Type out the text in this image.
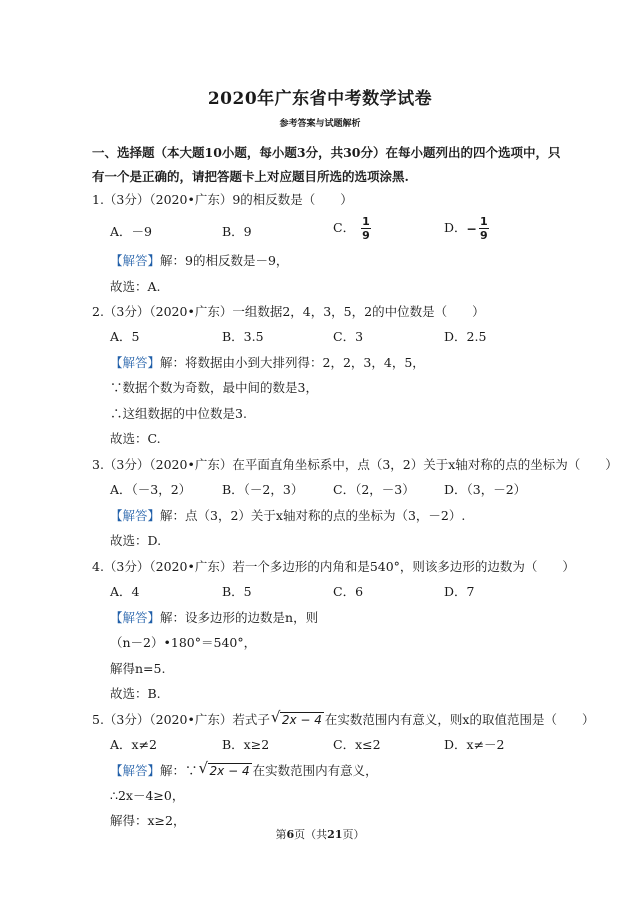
2020年广东省中考数学试卷
参考答案与试题解析
一、选择题（本大题10小题，每小题3分，共30分）在每小题列出的四个选项中，只有一个是正确的，请把答题卡上对应题目所选的选项涂黑.
1.（3分）（2020•广东）9的相反数是（　　）
A．－9	B．9	C． $\frac{1}{9}$	D．− $\frac{1}{9}$
【解答】解：9的相反数是－9，
故选：A.
2.（3分）（2020•广东）一组数据2，4，3，5，2的中位数是（　　）
A．5	B．3.5	C．3	D．2.5
【解答】解：将数据由小到大排列得：2，2，3，4，5，
∵数据个数为奇数，最中间的数是3，
∴这组数据的中位数是3.
故选：C.
3.（3分）（2020•广东）在平面直角坐标系中，点（3，2）关于x轴对称的点的坐标为（　　）
A．（－3，2） B．（－2，3） C．（2，－3） D．（3，－2）
【解答】解：点（3，2）关于x轴对称的点的坐标为（3，－2）.
故选：D.
4.（3分）（2020•广东）若一个多边形的内角和是540°，则该多边形的边数为（　　）
A．4	B．5	C．6	D．7
【解答】解：设多边形的边数是n，则
（n－2）•180°＝540°，
解得n=5.
故选：B.
5.（3分）（2020•广东）若式子 √ 2x − 4 在实数范围内有意义，则x的取值范围是（　　）
A．x≠2	B．x≥2	C．x≤2	D．x≠－2
【解答】解：∵ √ 2x − 4 在实数范围内有意义，
∴2x－4≥0，
解得：x≥2，
第6页（共21页）
